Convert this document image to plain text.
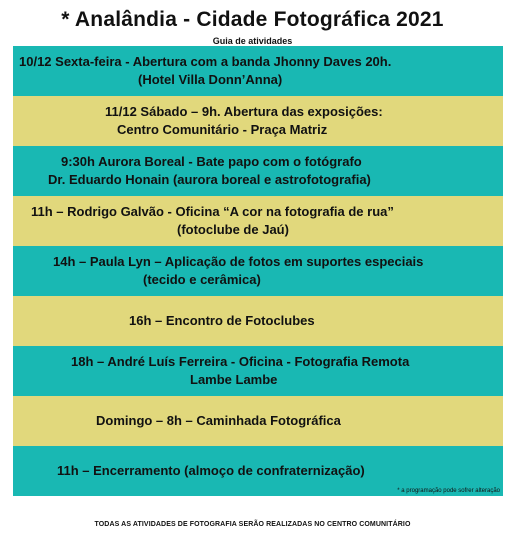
* Analândia - Cidade Fotográfica 2021
Guia de atividades
10/12 Sexta-feira - Abertura com a banda Jhonny Daves 20h.
(Hotel Villa Donn’Anna)
11/12 Sábado – 9h. Abertura das exposições:
Centro Comunitário - Praça Matriz
9:30h Aurora Boreal - Bate papo com o fotógrafo
Dr. Eduardo Honain (aurora boreal e astrofotografia)
11h – Rodrigo Galvão - Oficina “A cor na fotografia de rua”
(fotoclube de Jaú)
14h – Paula Lyn – Aplicação de fotos em suportes especiais
(tecido e cerâmica)
16h – Encontro de Fotoclubes
18h – André Luís Ferreira - Oficina - Fotografia Remota
Lambe Lambe
Domingo – 8h – Caminhada Fotográfica
11h – Encerramento (almoço de confraternização)
* a programação pode sofrer alteração
TODAS AS ATIVIDADES DE FOTOGRAFIA SERÃO REALIZADAS NO CENTRO COMUNITÁRIO
